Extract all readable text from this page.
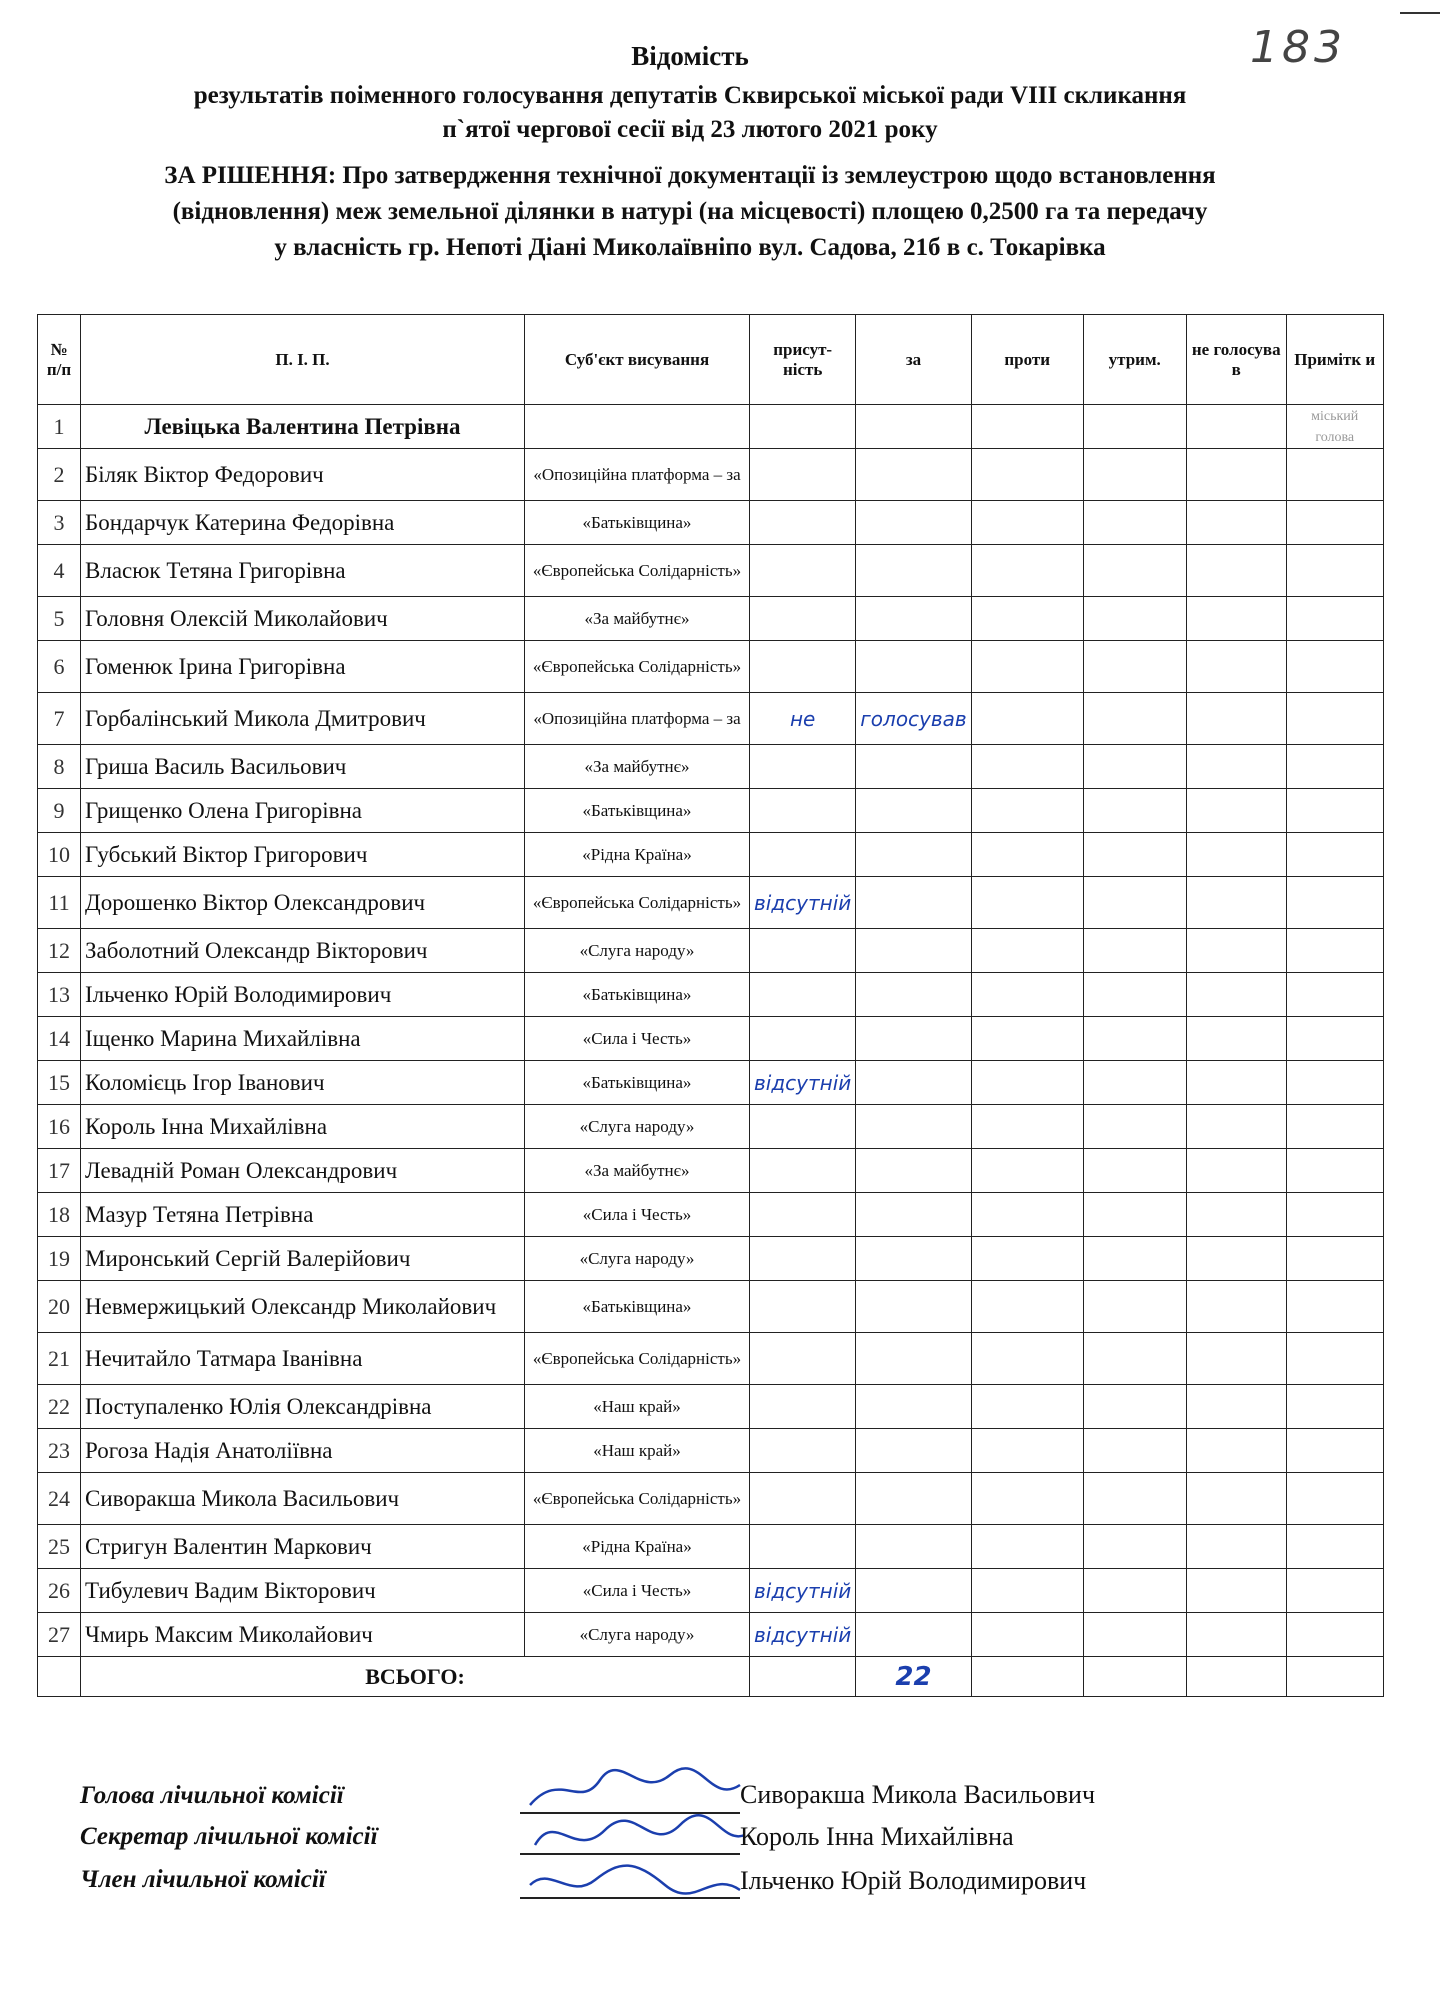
183
Відомість
результатів поіменного голосування депутатів Сквирської міської ради VIII скликання
п`ятої чергової сесії від 23 лютого 2021 року
ЗА РІШЕННЯ: Про затвердження технічної документації із землеустрою щодо встановлення
(відновлення) меж земельної ділянки в натурі (на місцевості) площею 0,2500 га та передачу
у власність гр. Непоті Діані Миколаївніпо вул. Садова, 21б в с. Токарівка
№ п/п	П. І. П.	Суб'єкт висування	присут-ність	за	проти	утрим.	не голосува в	Примітк и
1	Левіцька Валентина Петрівна							міський голова
2	Біляк Віктор Федорович	«Опозиційна платформа – за						
3	Бондарчук Катерина Федорівна	«Батьківщина»						
4	Власюк Тетяна Григорівна	«Європейська Солідарність»						
5	Головня Олексій Миколайович	«За майбутнє»						
6	Гоменюк Ірина Григорівна	«Європейська Солідарність»						
7	Горбалінський Микола Дмитрович	«Опозиційна платформа – за	не	голосував				
8	Гриша Василь Васильович	«За майбутнє»						
9	Грищенко Олена Григорівна	«Батьківщина»						
10	Губський Віктор Григорович	«Рідна Країна»						
11	Дорошенко Віктор Олександрович	«Європейська Солідарність»	відсутній					
12	Заболотний Олександр Вікторович	«Слуга народу»						
13	Ільченко Юрій Володимирович	«Батьківщина»						
14	Іщенко Марина Михайлівна	«Сила і Честь»						
15	Коломієць Ігор Іванович	«Батьківщина»	відсутній					
16	Король Інна Михайлівна	«Слуга народу»						
17	Левадній Роман Олександрович	«За майбутнє»						
18	Мазур Тетяна Петрівна	«Сила і Честь»						
19	Миронський Сергій Валерійович	«Слуга народу»						
20	Невмержицький Олександр Миколайович	«Батьківщина»						
21	Нечитайло Татмара Іванівна	«Європейська Солідарність»						
22	Поступаленко Юлія Олександрівна	«Наш край»						
23	Рогоза Надія Анатоліївна	«Наш край»						
24	Сиворакша Микола Васильович	«Європейська Солідарність»						
25	Стригун Валентин Маркович	«Рідна Країна»						
26	Тибулевич Вадим Вікторович	«Сила і Честь»	відсутній					
27	Чмирь Максим Миколайович	«Слуга народу»	відсутній					
	ВСЬОГО:			22				
Голова лічильної комісії	Сиворакша Микола Васильович
Секретар лічильної комісії	Король Інна Михайлівна
Член лічильної комісії	Ільченко Юрій Володимирович
